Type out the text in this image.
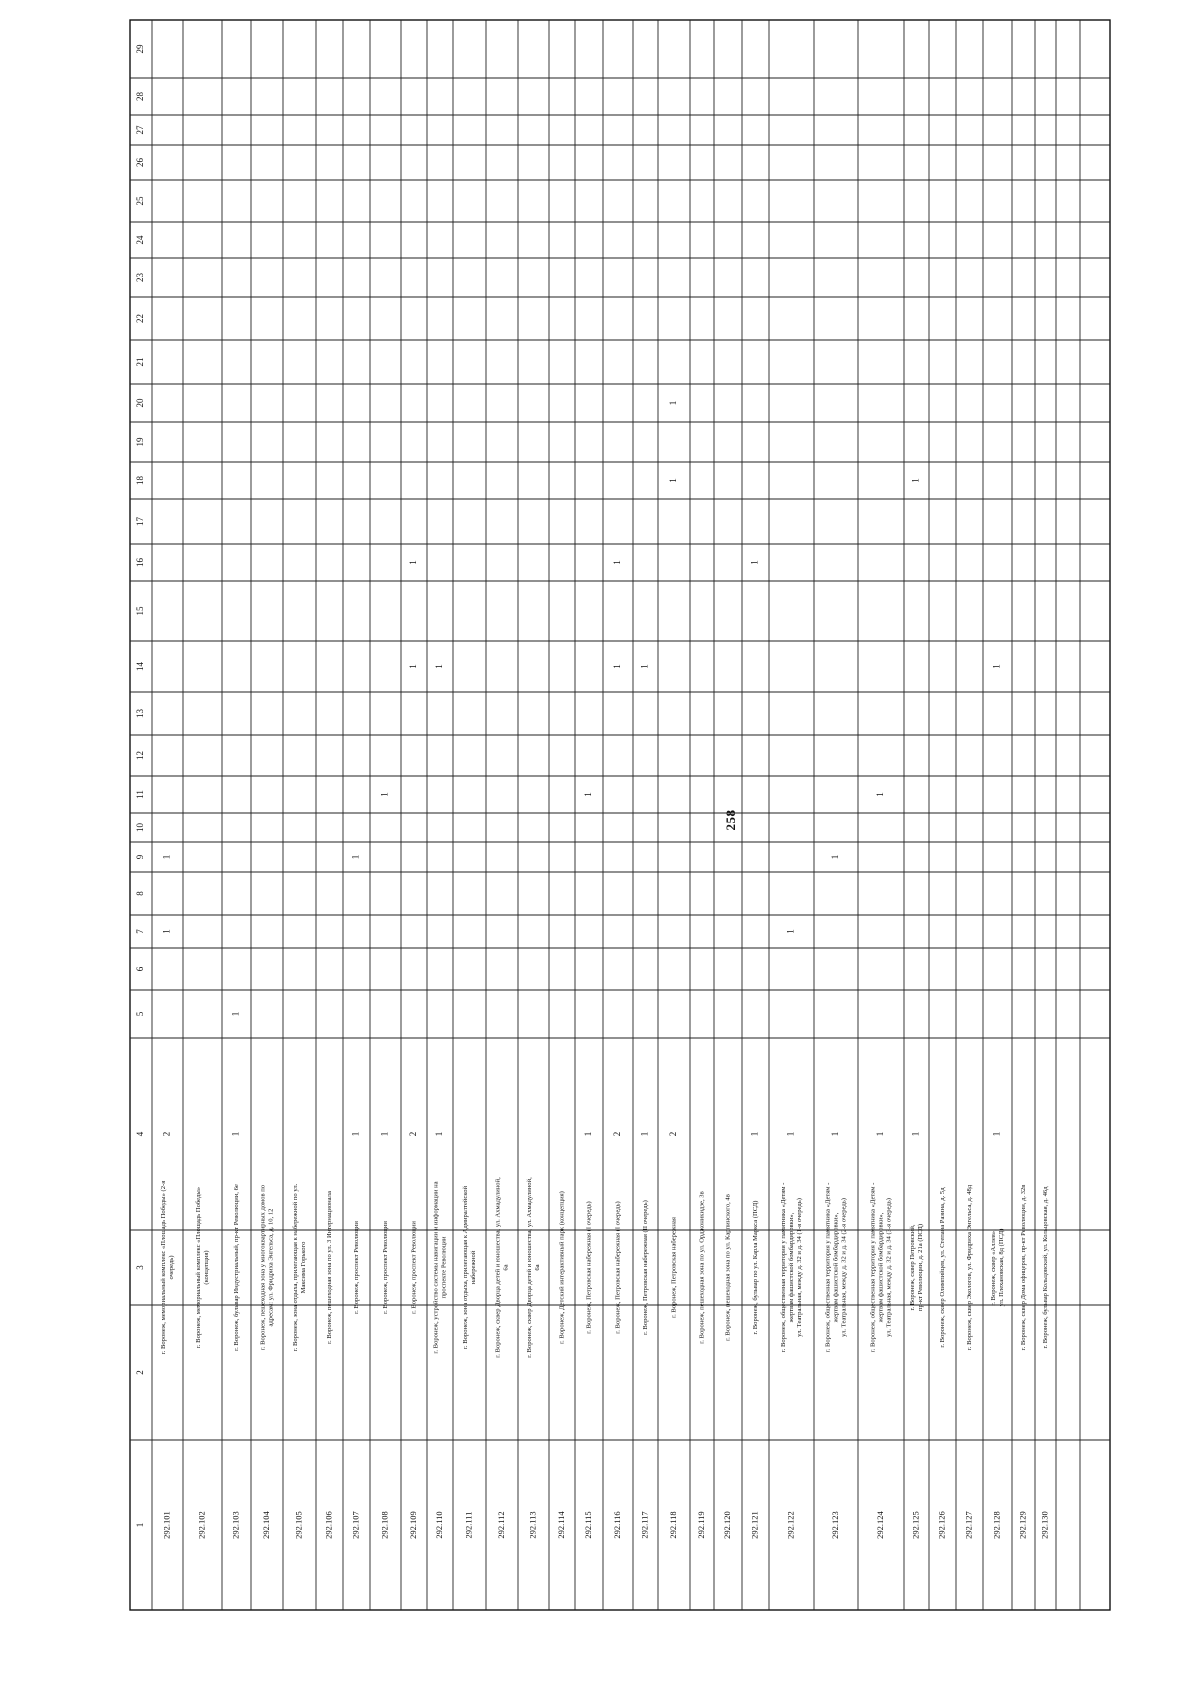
258
29
28
27
26
25
24
23
22
21
20
19
18
17
16
15
14
13
12
11
10
9
8
7
6
5
4
3
2
1 292.101
г. Воронеж, мемориальный комплекс «Площадь Победы» (2-я очередь)
2
1
1
292.102
г. Воронеж, мемориальный комплекс «Площадь Победы» (концепция)
292.103
г. Воронеж, бульвар Индустриальный, пр-кт Революции, 6е
1
1
292.104
г. Воронеж, пешеходная зона у многоквартирных домов по адресам: ул. Фридриха Энгельса, д. 10, 12
292.105
г. Воронеж, зона отдыха, прилегающая к набережной по ул. Максима Горького
292.106
г. Воронеж, пешеходная зона по ул. 3 Интернационала
292.107
г. Воронеж, проспект Революции
1
1
292.108
г. Воронеж, проспект Революции
1
1
292.109
г. Воронеж, проспект Революции
2
1
1
292.110
г. Воронеж, устройство системы навигации и информации на проспекте Революции
1
1
292.111
г. Воронеж, зона отдыха, прилегающая к Адмиралтейской набережной
292.112
г. Воронеж, сквер Дворца детей и юношества, ул. Ахмадулиной, 6а
292.113
г. Воронеж, сквер Дворца детей и юношества, ул. Ахмадулиной, 6а
292.114
г. Воронеж, Детский интерактивный парк (концепция)
292.115
г. Воронеж, Петровская набережная (I очередь)
1
1
292.116
г. Воронеж, Петровская набережная (I очередь)
2
1
1
292.117
г. Воронеж, Петровская набережная (II очередь)
1
1
292.118
г. Воронеж, Петровская набережная
2
1
1
292.119
г. Воронеж, пешеходная зона по ул. Орджоникидзе, 3в
292.120
г. Воронеж, пешеходная зона по ул. Карпинского, 4в
292.121
г. Воронеж, бульвар по ул. Карла Маркса (ПСД)
1
1
292.122
г. Воронеж, общественная территория у памятника «Детям - жертвам фашистской бомбардировки», ул. Театральная, между д. 32 и д. 34 (1-я очередь)
1
1
292.123
г. Воронеж, общественная территория у памятника «Детям - жертвам фашистской бомбардировки», ул. Театральная, между д. 32 и д. 34 (2-я очередь)
1
1
292.124
г. Воронеж, общественная территория у памятника «Детям - жертвам фашистской бомбардировки», ул. Театральная, между д. 32 и д. 34 (3-я очередь)
1
1
292.125
г. Воронеж, сквер Петровский, пр-кт Революции, д. 21а (ПСД)
1
1
292.126
г. Воронеж, сквер Олимпийцев, ул. Степана Разина, д. 5д
292.127
г. Воронеж, сквер Экологов, ул. Фридриха Энгельса, д. 48д
292.128
г. Воронеж, сквер «Аллея», ул. Плехановская, 8д (ПСД)
1
1
292.129
г. Воронеж, сквер Дома офицеров, пр-кт Революции, д. 32в
292.130
г. Воронеж, бульвар Кольцовский, ул. Кольцовская, д. 46д
